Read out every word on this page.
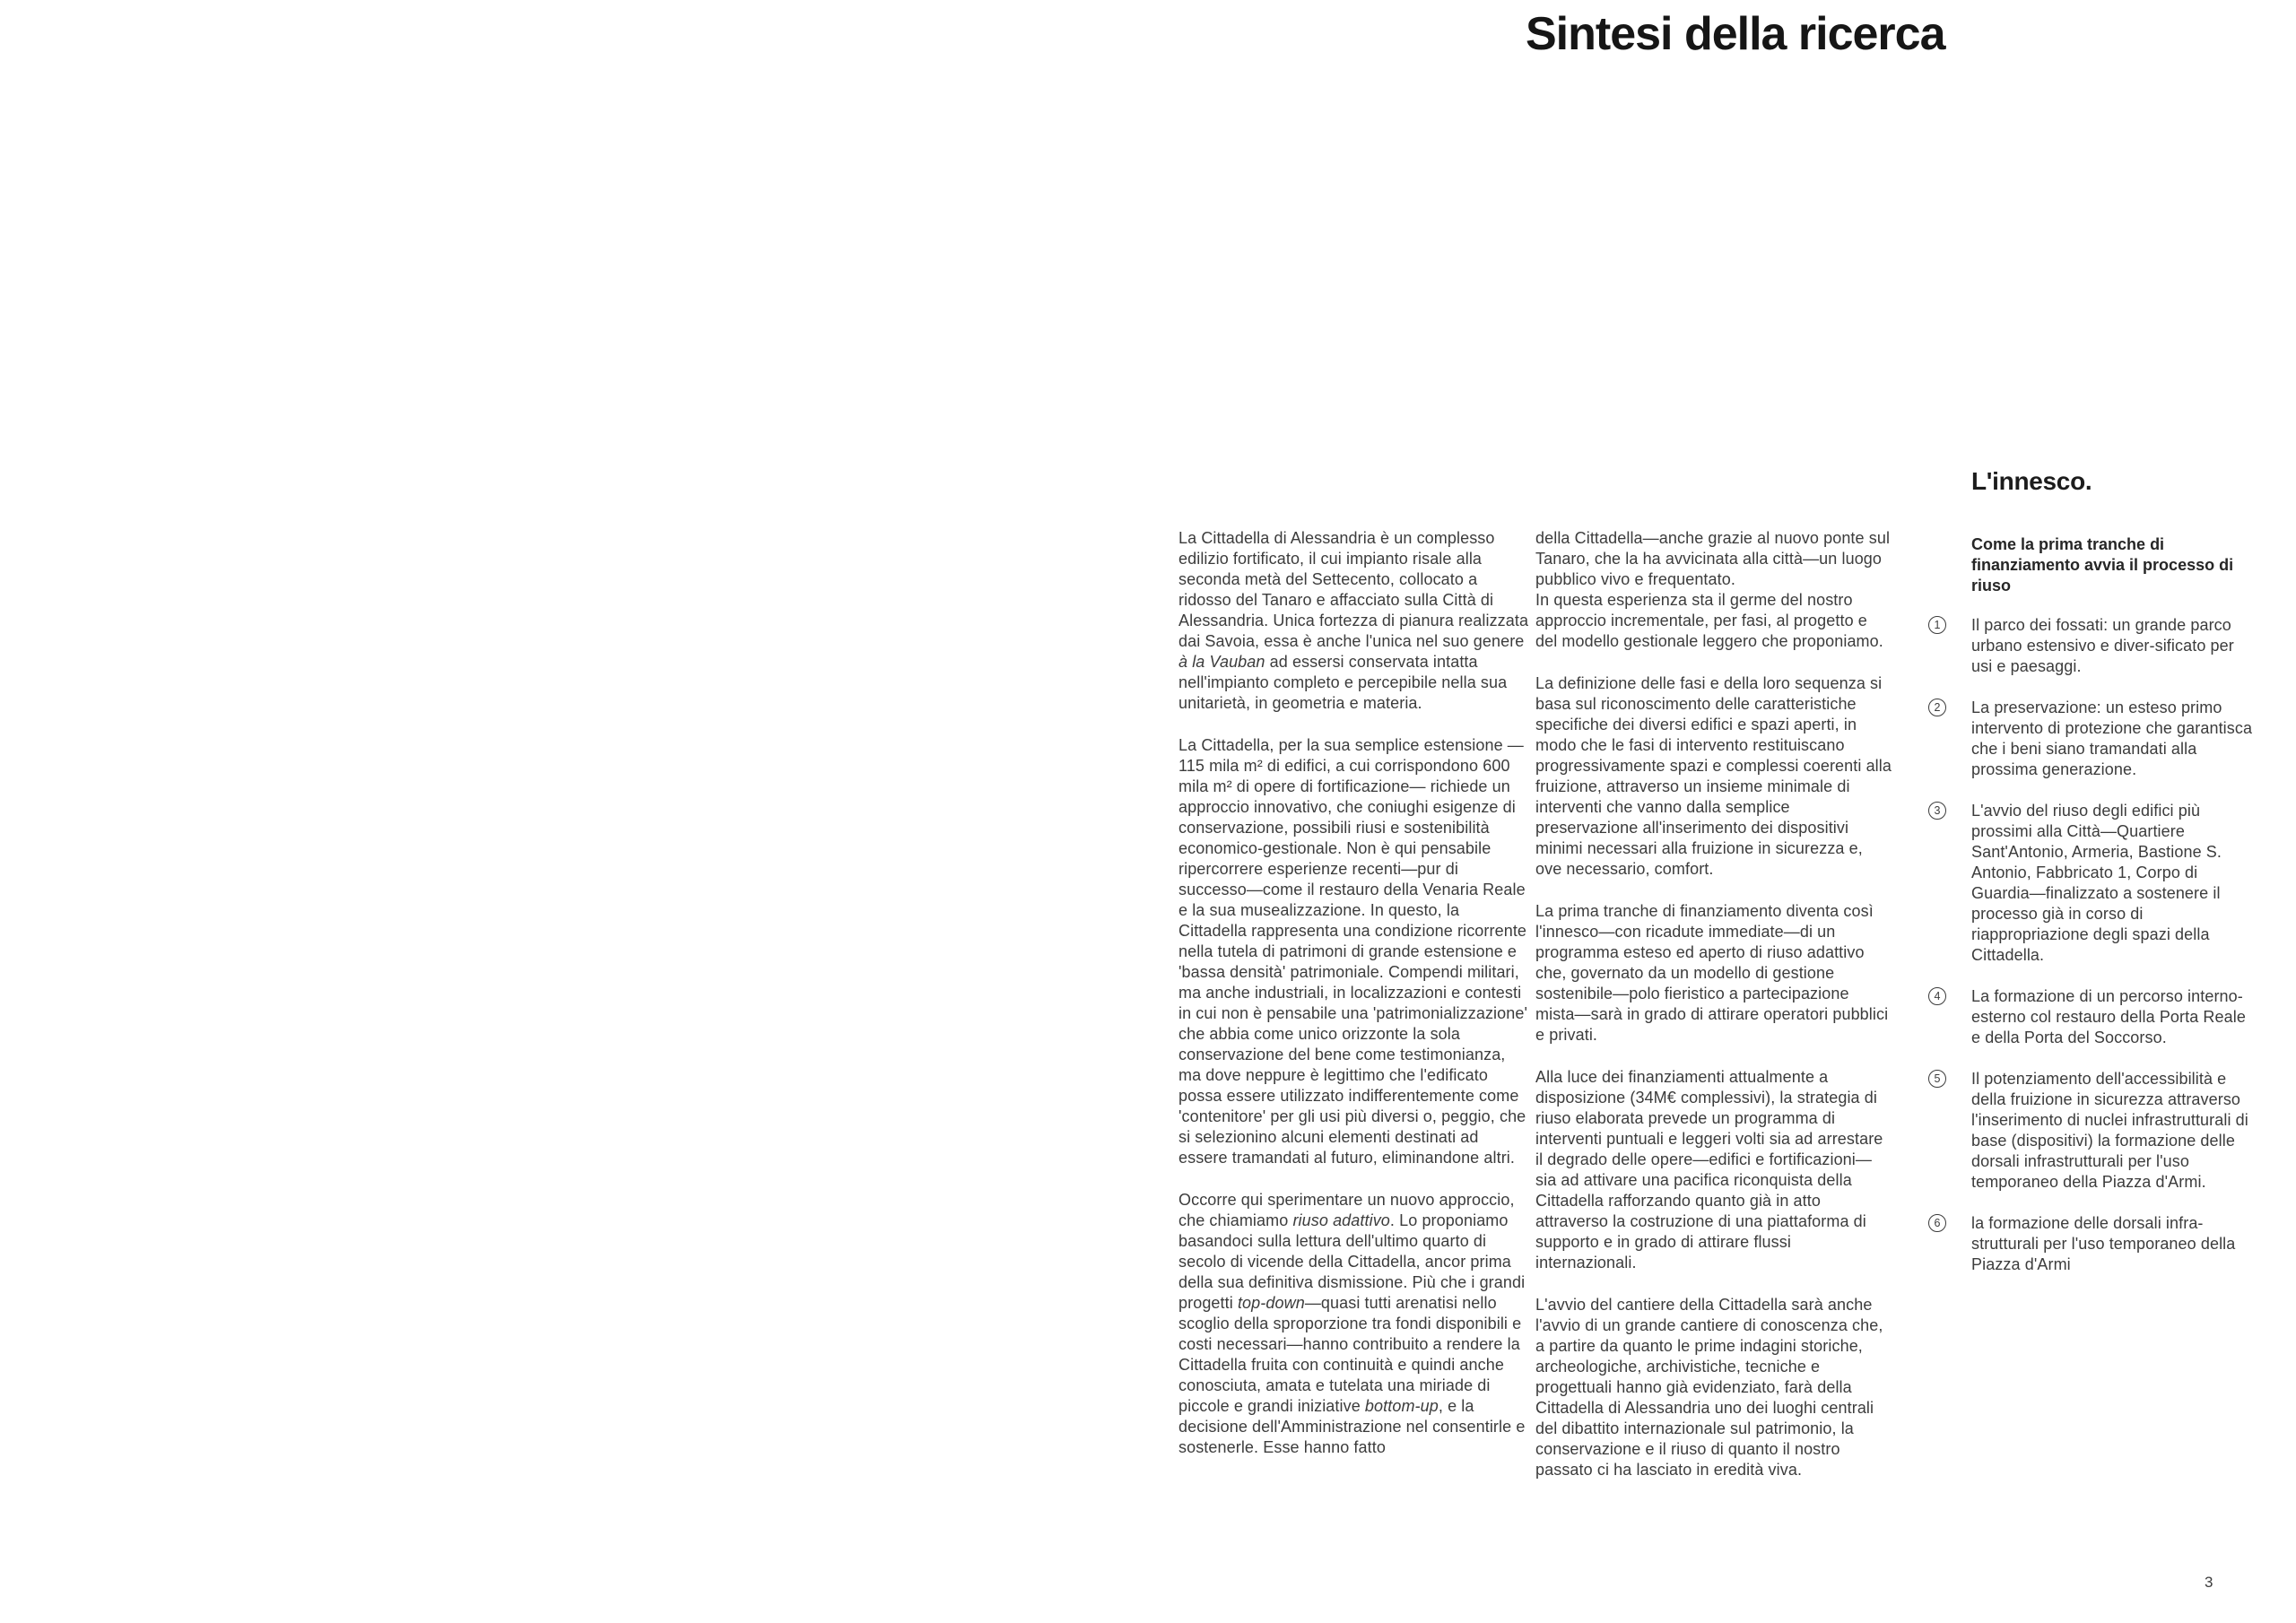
Sintesi della ricerca

La Cittadella di Alessandria è un complesso edilizio fortificato, il cui impianto risale alla seconda metà del Settecento, collocato a ridosso del Tanaro e affacciato sulla Città di Alessandria. Unica fortezza di pianura realizzata dai Savoia, essa è anche l'unica nel suo genere à la Vauban ad essersi conservata intatta nell'impianto completo e percepibile nella sua unitarietà, in geometria e materia.

La Cittadella, per la sua semplice estensione —115 mila m² di edifici, a cui corrispondono 600 mila m² di opere di fortificazione— richiede un approccio innovativo, che coniughi esigenze di conservazione, possibili riusi e sostenibilità economico-gestionale. Non è qui pensabile ripercorrere esperienze recenti—pur di successo—come il restauro della Venaria Reale e la sua musealizzazione. In questo, la Cittadella rappresenta una condizione ricorrente nella tutela di patrimoni di grande estensione e 'bassa densità' patrimoniale. Compendi militari, ma anche industriali, in localizzazioni e contesti in cui non è pensabile una 'patrimonializzazione' che abbia come unico orizzonte la sola conservazione del bene come testimonianza, ma dove neppure è legittimo che l'edificato possa essere utilizzato indifferentemente come 'contenitore' per gli usi più diversi o, peggio, che si selezionino alcuni elementi destinati ad essere tramandati al futuro, eliminandone altri.

Occorre qui sperimentare un nuovo approccio, che chiamiamo riuso adattivo. Lo proponiamo basandoci sulla lettura dell'ultimo quarto di secolo di vicende della Cittadella, ancor prima della sua definitiva dismissione. Più che i grandi progetti top-down—quasi tutti arenatisi nello scoglio della sproporzione tra fondi disponibili e costi necessari—hanno contribuito a rendere la Cittadella fruita con continuità e quindi anche conosciuta, amata e tutelata una miriade di piccole e grandi iniziative bottom-up, e la decisione dell'Amministrazione nel consentirle e sostenerle. Esse hanno fatto

della Cittadella—anche grazie al nuovo ponte sul Tanaro, che la ha avvicinata alla città—un luogo pubblico vivo e frequentato.
In questa esperienza sta il germe del nostro approccio incrementale, per fasi, al progetto e del modello gestionale leggero che proponiamo.

La definizione delle fasi e della loro sequenza si basa sul riconoscimento delle caratteristiche specifiche dei diversi edifici e spazi aperti, in modo che le fasi di intervento restituiscano progressivamente spazi e complessi coerenti alla fruizione, attraverso un insieme minimale di interventi che vanno dalla semplice preservazione all'inserimento dei dispositivi minimi necessari alla fruizione in sicurezza e, ove necessario, comfort.

La prima tranche di finanziamento diventa così l'innesco—con ricadute immediate—di un programma esteso ed aperto di riuso adattivo che, governato da un modello di gestione sostenibile—polo fieristico a partecipazione mista—sarà in grado di attirare operatori pubblici e privati.

Alla luce dei finanziamenti attualmente a disposizione (34M€ complessivi), la strategia di riuso elaborata prevede un programma di interventi puntuali e leggeri volti sia ad arrestare il degrado delle opere—edifici e fortificazioni—sia ad attivare una pacifica riconquista della Cittadella rafforzando quanto già in atto attraverso la costruzione di una piattaforma di supporto e in grado di attirare flussi internazionali.

L'avvio del cantiere della Cittadella sarà anche l'avvio di un grande cantiere di conoscenza che, a partire da quanto le prime indagini storiche, archeologiche, archivistiche, tecniche e progettuali hanno già evidenziato, farà della Cittadella di Alessandria uno dei luoghi centrali del dibattito internazionale sul patrimonio, la conservazione e il riuso di quanto il nostro passato ci ha lasciato in eredità viva.

L'innesco.
Come la prima tranche di finanziamento avvia il processo di riuso
1	Il parco dei fossati: un grande parco urbano estensivo e diver-sificato per usi e paesaggi.
2	La preservazione: un esteso primo intervento di protezione che garantisca che i beni siano tramandati alla prossima generazione.
3	L'avvio del riuso degli edifici più prossimi alla Città—Quartiere Sant'Antonio, Armeria, Bastione S. Antonio, Fabbricato 1, Corpo di Guardia—finalizzato a sostenere il processo già in corso di riappropriazione degli spazi della Cittadella.
4	La formazione di un percorso interno-esterno col restauro della Porta Reale e della Porta del Soccorso.
5	Il potenziamento dell'accessibilità e della fruizione in sicurezza attraverso l'inserimento di nuclei infrastrutturali di base (dispositivi) la formazione delle dorsali infrastrutturali per l'uso temporaneo della Piazza d'Armi.
6	la formazione delle dorsali infra-strutturali per l'uso temporaneo della Piazza d'Armi
3
